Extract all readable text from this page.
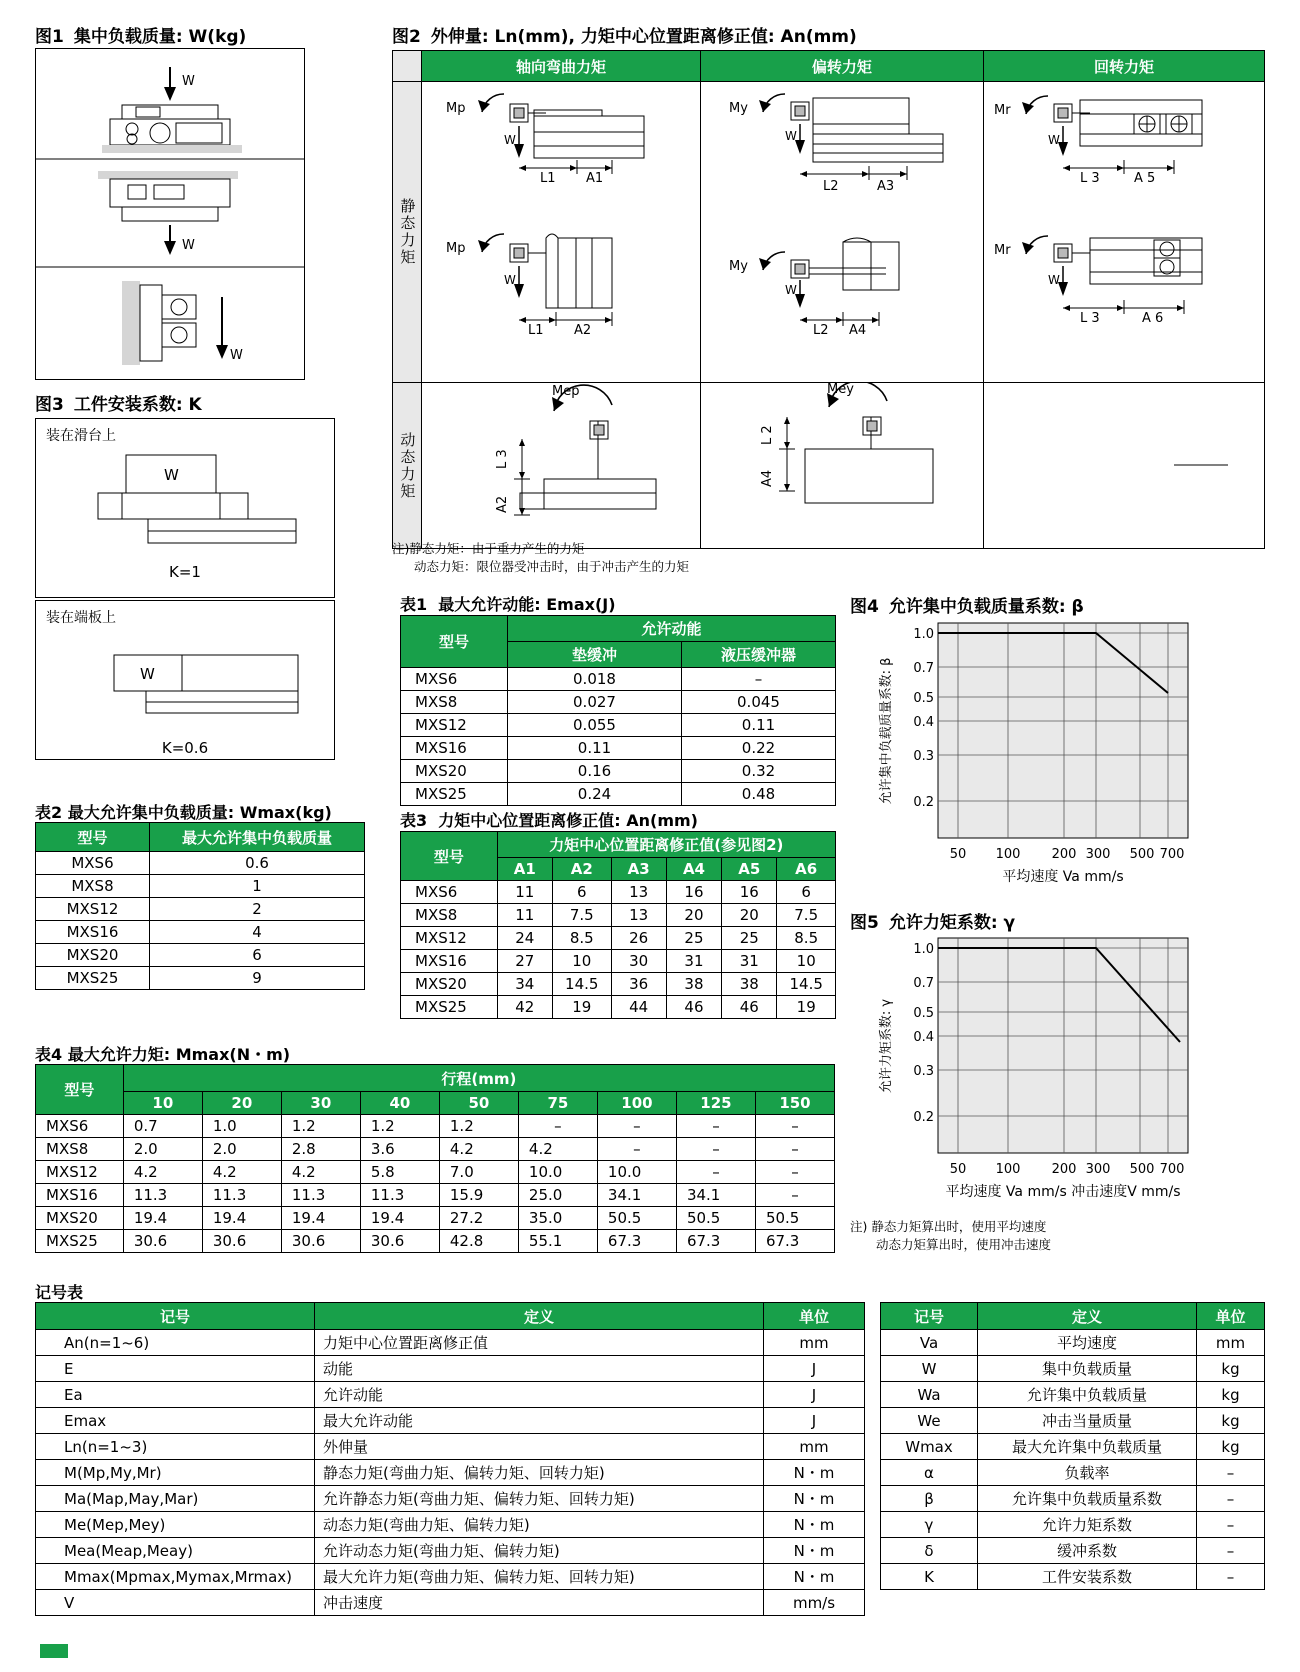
图1 集中负载质量: W(kg)
W
W
W
图3 工件安装系数: K
装在滑台上
W
K=1
装在端板上
W
K=0.6
表2 最大允许集中负载质量: Wmax(kg)
型号	最大允许集中负载质量
MXS6	0.6
MXS8	1
MXS12	2
MXS16	4
MXS20	6
MXS25	9
表4 最大允许力矩: Mmax(N・m)
型号	行程(mm)								
	10	20	30	40	50	75	100	125	150
MXS6	0.7	1.0	1.2	1.2	1.2	–	–	–	–
MXS8	2.0	2.0	2.8	3.6	4.2	4.2	–	–	–
MXS12	4.2	4.2	4.2	5.8	7.0	10.0	10.0	–	–
MXS16	11.3	11.3	11.3	11.3	15.9	25.0	34.1	34.1	–
MXS20	19.4	19.4	19.4	19.4	27.2	35.0	50.5	50.5	50.5
MXS25	30.6	30.6	30.6	30.6	42.8	55.1	67.3	67.3	67.3
图2 外伸量: Ln(mm), 力矩中心位置距离修正值: An(mm)
	轴向弯曲力矩	偏转力矩	回转力矩

静态力矩

Mp
W
L1 A1
Mp
W
L1 A2

My
W
L2	A3
My
W
L2 A4

Mr
W
L 3	A 5
Mr
W
L 3	A 6

动态力矩	Mep
L 3
A2	Mey
L 2
A4

注)静态力矩：由于重力产生的力矩
动态力矩：限位器受冲击时，由于冲击产生的力矩
表1 最大允许动能: Emax(J)
型号	允许动能	
	垫缓冲	液压缓冲器
MXS6	0.018	–
MXS8	0.027	0.045
MXS12	0.055	0.11
MXS16	0.11	0.22
MXS20	0.16	0.32
MXS25	0.24	0.48
表3 力矩中心位置距离修正值: An(mm)
型号	力矩中心位置距离修正值(参见图2)					
	A1	A2	A3	A4	A5	A6
MXS6	11	6	13	16	16	6
MXS8	11	7.5	13	20	20	7.5
MXS12	24	8.5	26	25	25	8.5
MXS16	27	10	30	31	31	10
MXS20	34	14.5	36	38	38	14.5
MXS25	42	19	44	46	46	19
图4 允许集中负载质量系数: β
1.0
0.7
0.5
0.4
0.3
0.2
50 100 200 300 500 700
平均速度 Va mm/s
允许集中负载质量系数: β
图5 允许力矩系数: γ
1.0
0.7
0.5
0.4
0.3
0.2
50 100 200 300 500 700
平均速度 Va mm/s 冲击速度V mm/s
允许力矩系数: γ
注) 静态力矩算出时，使用平均速度
动态力矩算出时，使用冲击速度
记号表
记号	定义	单位
An(n=1~6)	力矩中心位置距离修正值	mm
E	动能	J
Ea	允许动能	J
Emax	最大允许动能	J
Ln(n=1~3)	外伸量	mm
M(Mp,My,Mr)	静态力矩(弯曲力矩、偏转力矩、回转力矩)	N・m
Ma(Map,May,Mar)	允许静态力矩(弯曲力矩、偏转力矩、回转力矩)	N・m
Me(Mep,Mey)	动态力矩(弯曲力矩、偏转力矩)	N・m
Mea(Meap,Meay)	允许动态力矩(弯曲力矩、偏转力矩)	N・m
Mmax(Mpmax,Mymax,Mrmax)	最大允许力矩(弯曲力矩、偏转力矩、回转力矩)	N・m
V	冲击速度	mm/s
记号	定义	单位
Va	平均速度	mm
W	集中负载质量	kg
Wa	允许集中负载质量	kg
We	冲击当量质量	kg
Wmax	最大允许集中负载质量	kg
α	负载率	–
β	允许集中负载质量系数	–
γ	允许力矩系数	–
δ	缓冲系数	–
K	工件安装系数	–
